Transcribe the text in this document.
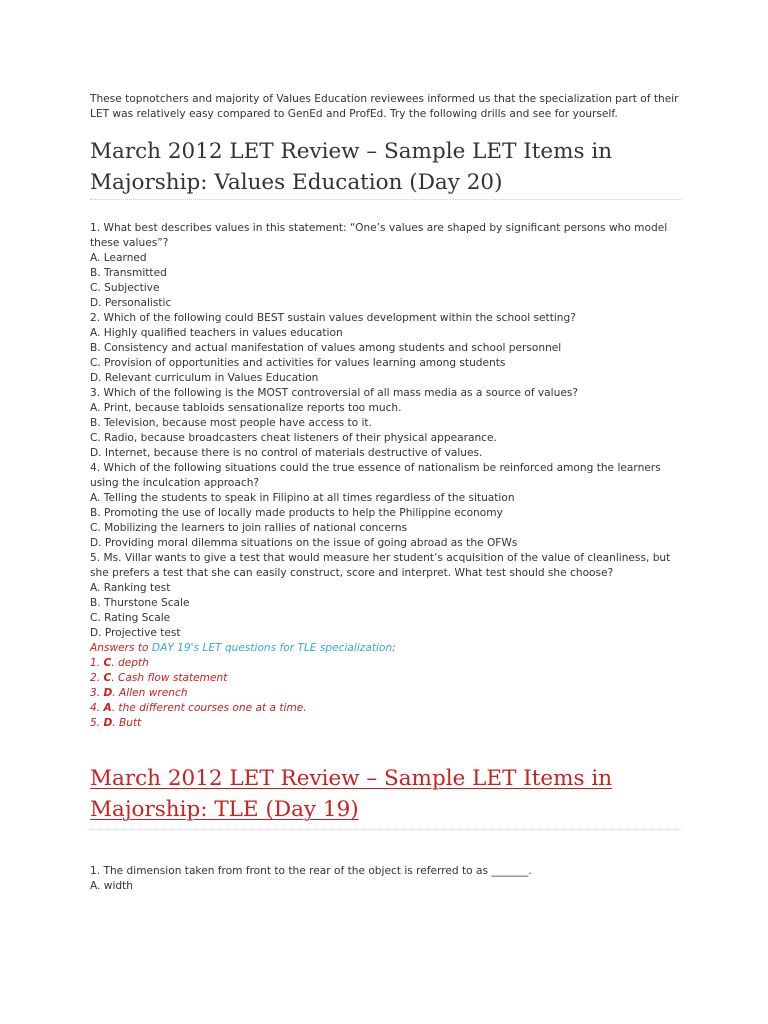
These topnotchers and majority of Values Education reviewees informed us that the specialization part of their LET was relatively easy compared to GenEd and ProfEd. Try the following drills and see for yourself.

March 2012 LET Review – Sample LET Items in Majorship: Values Education (Day 20)
1. What best describes values in this statement: “One’s values are shaped by significant persons who model these values”?
A. Learned
B. Transmitted
C. Subjective
D. Personalistic
2. Which of the following could BEST sustain values development within the school setting?
A. Highly qualified teachers in values education
B. Consistency and actual manifestation of values among students and school personnel
C. Provision of opportunities and activities for values learning among students
D. Relevant curriculum in Values Education
3. Which of the following is the MOST controversial of all mass media as a source of values?
A. Print, because tabloids sensationalize reports too much.
B. Television, because most people have access to it.
C. Radio, because broadcasters cheat listeners of their physical appearance.
D. Internet, because there is no control of materials destructive of values.
4. Which of the following situations could the true essence of nationalism be reinforced among the learners using the inculcation approach?
A. Telling the students to speak in Filipino at all times regardless of the situation
B. Promoting the use of locally made products to help the Philippine economy
C. Mobilizing the learners to join rallies of national concerns
D. Providing moral dilemma situations on the issue of going abroad as the OFWs
5. Ms. Villar wants to give a test that would measure her student’s acquisition of the value of cleanliness, but she prefers a test that she can easily construct, score and interpret. What test should she choose?
A. Ranking test
B. Thurstone Scale
C. Rating Scale
D. Projective test
Answers to DAY 19's LET questions for TLE specialization:
1. C. depth
2. C. Cash flow statement
3. D. Allen wrench
4. A. the different courses one at a time.
5. D. Butt
March 2012 LET Review – Sample LET Items in Majorship: TLE (Day 19)
1. The dimension taken from front to the rear of the object is referred to as _______.
A. width
